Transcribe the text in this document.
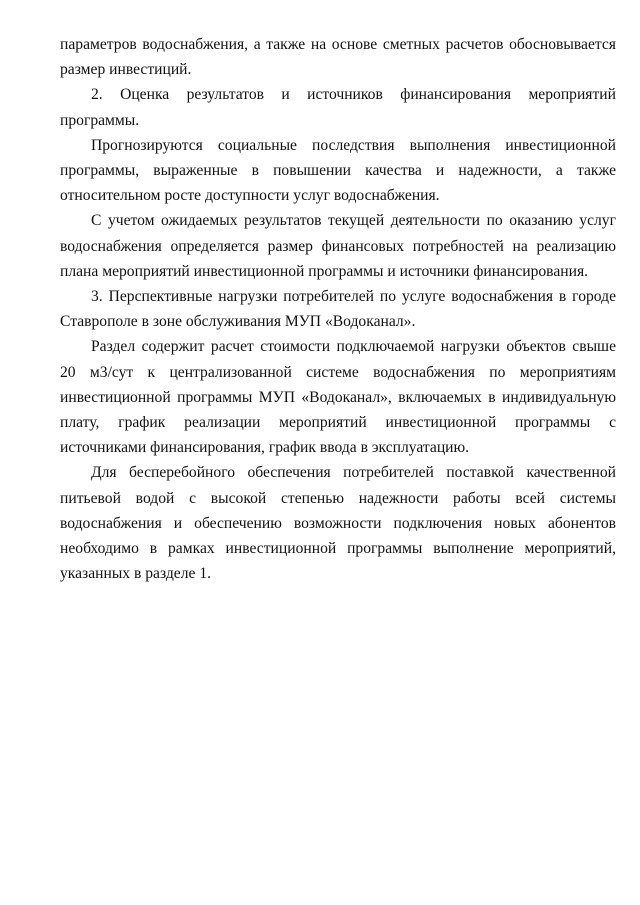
параметров водоснабжения, а также на основе сметных расчетов обосновывается размер инвестиций.

2. Оценка результатов и источников финансирования мероприятий программы.

Прогнозируются социальные последствия выполнения инвестиционной программы, выраженные в повышении качества и надежности, а также относительном росте доступности услуг водоснабжения.

С учетом ожидаемых результатов текущей деятельности по оказанию услуг водоснабжения определяется размер финансовых потребностей на реализацию плана мероприятий инвестиционной программы и источники финансирования.

3. Перспективные нагрузки потребителей по услуге водоснабжения в городе Ставрополе в зоне обслуживания МУП «Водоканал».

Раздел содержит расчет стоимости подключаемой нагрузки объектов свыше 20 м3/сут к централизованной системе водоснабжения по мероприятиям инвестиционной программы МУП «Водоканал», включаемых в индивидуальную плату, график реализации мероприятий инвестиционной программы с источниками финансирования, график ввода в эксплуатацию.

Для бесперебойного обеспечения потребителей поставкой качественной питьевой водой с высокой степенью надежности работы всей системы водоснабжения и обеспечению возможности подключения новых абонентов необходимо в рамках инвестиционной программы выполнение мероприятий, указанных в разделе 1.
